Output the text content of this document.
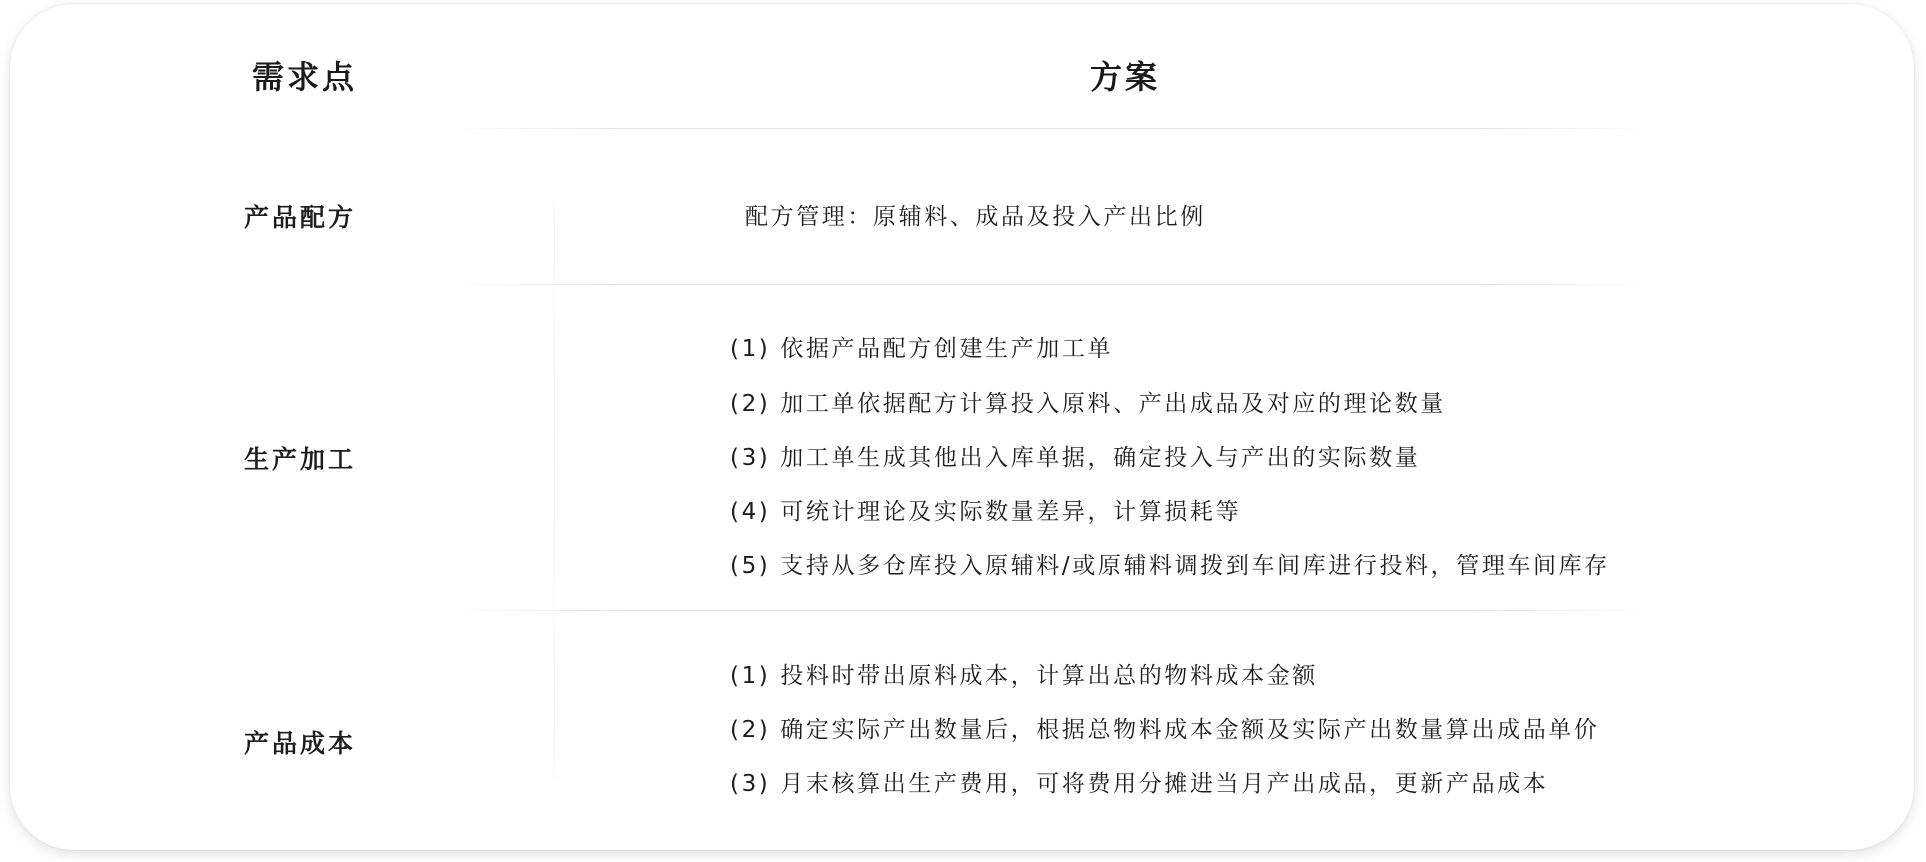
需求点	方案
产品配方	配方管理：原辅料、成品及投入产出比例
生产加工
(1) 依据产品配方创建生产加工单
(2) 加工单依据配方计算投入原料、产出成品及对应的理论数量
(3) 加工单生成其他出入库单据，确定投入与产出的实际数量
(4) 可统计理论及实际数量差异，计算损耗等
(5) 支持从多仓库投入原辅料/或原辅料调拨到车间库进行投料，管理车间库存
产品成本
(1) 投料时带出原料成本，计算出总的物料成本金额
(2) 确定实际产出数量后，根据总物料成本金额及实际产出数量算出成品单价
(3) 月末核算出生产费用，可将费用分摊进当月产出成品，更新产品成本
